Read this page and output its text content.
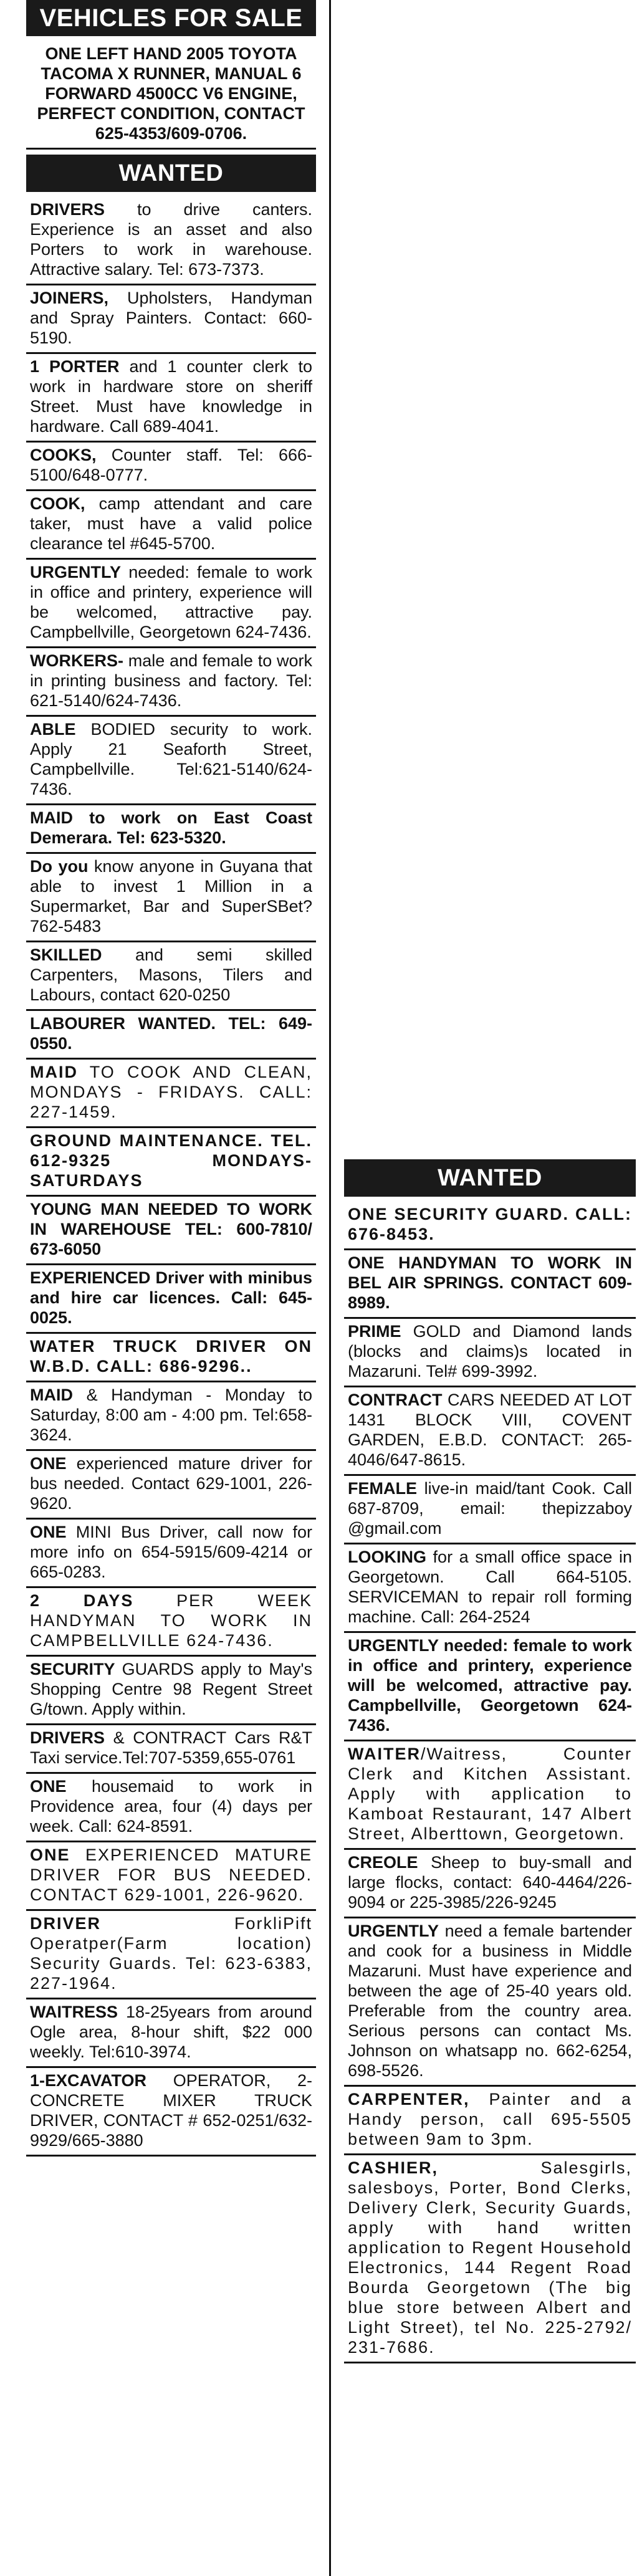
VEHICLES FOR SALE
ONE LEFT HAND 2005 TOYOTA TACOMA X RUNNER, MANUAL 6 FORWARD 4500CC V6 ENGINE, PERFECT CONDITION, CONTACT 625-4353/609-0706.
WANTED
DRIVERS to drive canters. Experience is an asset and also Porters to work in warehouse. Attractive salary. Tel: 673-7373.
JOINERS, Upholsters, Handyman and Spray Painters. Contact: 660-5190.
1 PORTER and 1 counter clerk to work in hardware store on sheriff Street. Must have knowledge in hardware. Call 689-4041.
COOKS, Counter staff. Tel: 666-5100/648-0777.
COOK, camp attendant and care taker, must have a valid police clearance tel #645-5700.
URGENTLY needed: female to work in office and printery, experience will be welcomed, attractive pay. Campbellville, Georgetown 624-7436.
WORKERS- male and female to work in printing business and factory. Tel: 621-5140/624-7436.
ABLE BODIED security to work. Apply 21 Seaforth Street, Campbellville. Tel:621-5140/624-7436.
MAID to work on East Coast Demerara. Tel: 623-5320.
Do you know anyone in Guyana that able to invest 1 Million in a Supermarket, Bar and SuperSBet? 762-5483
SKILLED and semi skilled Carpenters, Masons, Tilers and Labours, contact 620-0250
LABOURER WANTED. TEL: 649-0550.
MAID TO COOK AND CLEAN, MONDAYS - FRIDAYS. CALL: 227-1459.
GROUND MAINTENANCE. TEL. 612-9325 MONDAYS-SATURDAYS
YOUNG MAN NEEDED TO WORK IN WAREHOUSE TEL: 600-7810/ 673-6050
EXPERIENCED Driver with minibus and hire car licences. Call: 645-0025.
WATER TRUCK DRIVER ON W.B.D. CALL: 686-9296..
MAID & Handyman - Monday to Saturday, 8:00 am - 4:00 pm. Tel:658-3624.
ONE experienced mature driver for bus needed. Contact 629-1001, 226-9620.
ONE MINI Bus Driver, call now for more info on 654-5915/609-4214 or 665-0283.
2 DAYS PER WEEK HANDYMAN TO WORK IN CAMPBELLVILLE 624-7436.
SECURITY GUARDS apply to May's Shopping Centre 98 Regent Street G/town. Apply within.
DRIVERS & CONTRACT Cars R&T Taxi service.Tel:707-5359,655-0761
ONE housemaid to work in Providence area, four (4) days per week. Call: 624-8591.
ONE EXPERIENCED MATURE DRIVER FOR BUS NEEDED. CONTACT 629-1001, 226-9620.
DRIVER ForkliPift Operatper(Farm location) Security Guards. Tel: 623-6383, 227-1964.
WAITRESS 18-25years from around Ogle area, 8-hour shift, $22 000 weekly. Tel:610-3974.
1-EXCAVATOR OPERATOR, 2- CONCRETE MIXER TRUCK DRIVER, CONTACT # 652-0251/632-9929/665-3880
WANTED
ONE SECURITY GUARD. CALL: 676-8453.
ONE HANDYMAN TO WORK IN BEL AIR SPRINGS. CONTACT 609-8989.
PRIME GOLD and Diamond lands (blocks and claims)s located in Mazaruni. Tel# 699-3992.
CONTRACT CARS NEEDED AT LOT 1431 BLOCK VIII, COVENT GARDEN, E.B.D. CONTACT: 265-4046/647-8615.
FEMALE live-in maid/tant Cook. Call 687-8709, email: thepizzaboy @gmail.com
LOOKING for a small office space in Georgetown. Call 664-5105. SERVICEMAN to repair roll forming machine. Call: 264-2524
URGENTLY needed: female to work in office and printery, experience will be welcomed, attractive pay. Campbellville, Georgetown 624-7436.
WAITER/Waitress, Counter Clerk and Kitchen Assistant. Apply with application to Kamboat Restaurant, 147 Albert Street, Alberttown, Georgetown.
CREOLE Sheep to buy-small and large flocks, contact: 640-4464/226-9094 or 225-3985/226-9245
URGENTLY need a female bartender and cook for a business in Middle Mazaruni. Must have experience and between the age of 25-40 years old. Preferable from the country area. Serious persons can contact Ms. Johnson on whatsapp no. 662-6254, 698-5526.
CARPENTER, Painter and a Handy person, call 695-5505 between 9am to 3pm.
CASHIER, Salesgirls, salesboys, Porter, Bond Clerks, Delivery Clerk, Security Guards, apply with hand written application to Regent Household Electronics, 144 Regent Road Bourda Georgetown (The big blue store between Albert and Light Street), tel No. 225-2792/ 231-7686.
